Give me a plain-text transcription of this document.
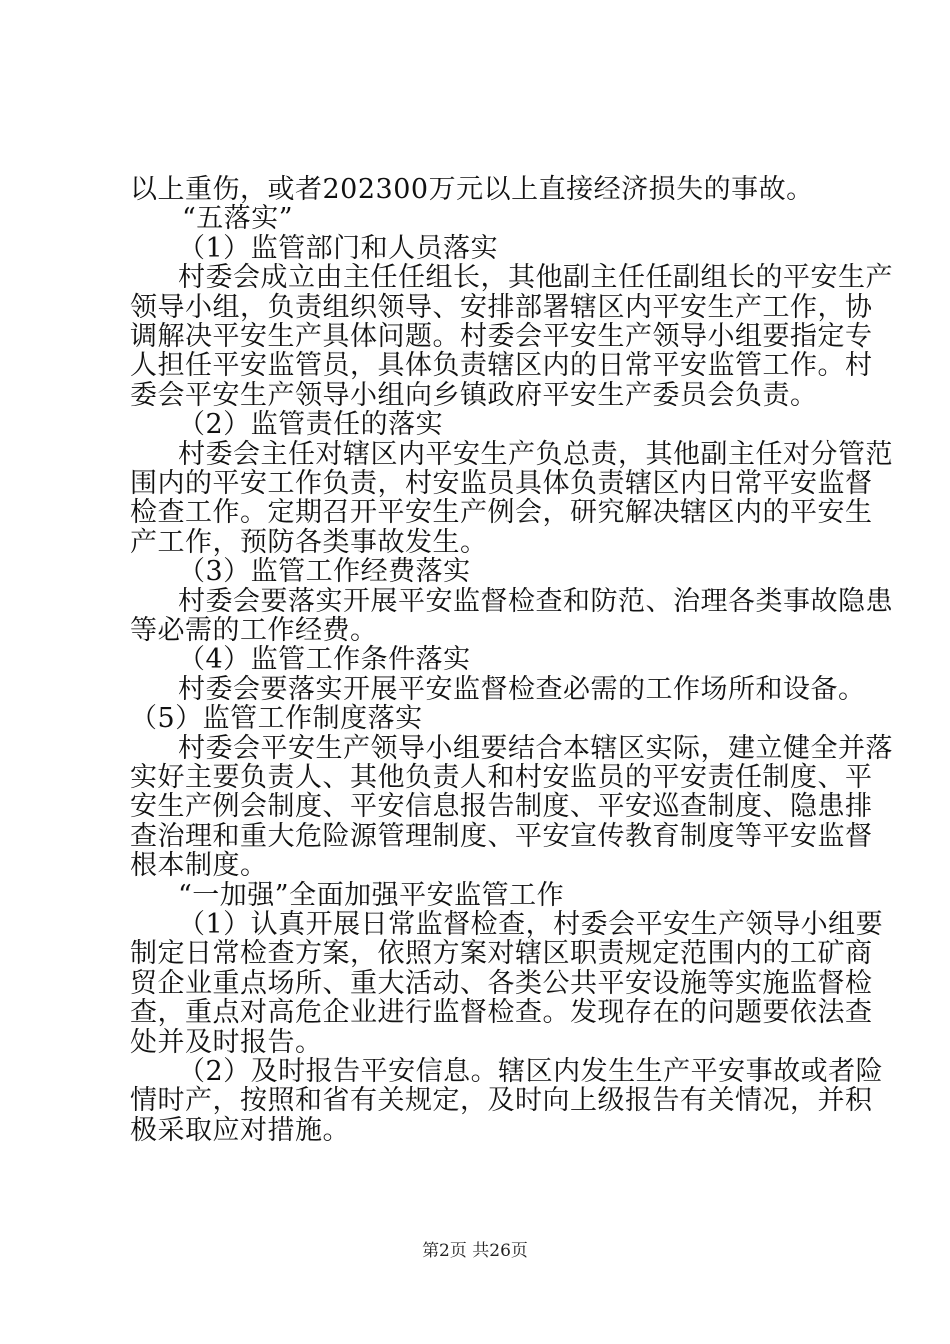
以上重伤，或者202300万元以上直接经济损失的事故。
“五落实”
（1）监管部门和人员落实
村委会成立由主任任组长，其他副主任任副组长的平安生产
领导小组，负责组织领导、安排部署辖区内平安生产工作，协
调解决平安生产具体问题。村委会平安生产领导小组要指定专
人担任平安监管员，具体负责辖区内的日常平安监管工作。村
委会平安生产领导小组向乡镇政府平安生产委员会负责。
（2）监管责任的落实
村委会主任对辖区内平安生产负总责，其他副主任对分管范
围内的平安工作负责，村安监员具体负责辖区内日常平安监督
检查工作。定期召开平安生产例会，研究解决辖区内的平安生
产工作，预防各类事故发生。
（3）监管工作经费落实
村委会要落实开展平安监督检查和防范、治理各类事故隐患
等必需的工作经费。
（4）监管工作条件落实
村委会要落实开展平安监督检查必需的工作场所和设备。
（5）监管工作制度落实
村委会平安生产领导小组要结合本辖区实际，建立健全并落
实好主要负责人、其他负责人和村安监员的平安责任制度、平
安生产例会制度、平安信息报告制度、平安巡查制度、隐患排
查治理和重大危险源管理制度、平安宣传教育制度等平安监督
根本制度。
“一加强”全面加强平安监管工作
（1）认真开展日常监督检查，村委会平安生产领导小组要
制定日常检查方案，依照方案对辖区职责规定范围内的工矿商
贸企业重点场所、重大活动、各类公共平安设施等实施监督检
查，重点对高危企业进行监督检查。发现存在的问题要依法查
处并及时报告。
（2）及时报告平安信息。辖区内发生生产平安事故或者险
情时产，按照和省有关规定，及时向上级报告有关情况，并积
极采取应对措施。
第2页 共26页
